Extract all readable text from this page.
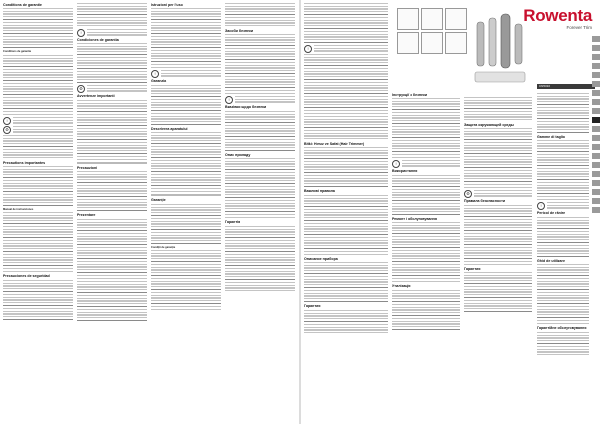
Conditions de garantie
Conditions de garantie
!
♻
Precautions importantes
Manual de instrucciones
Precauciones de seguridad
!
Condiciones de garantía
♻
Avvertenze importanti
Precauzioni
Prezentare
Istruzioni per l'uso
!
Garanzia
Descrierea aparatului
Garanție
Condiții de garanție
Засоби безпеки
!
Вказівки щодо безпеки
Опис приладу
Гарантія
Rowenta
Forever Trim
CN5310
!
Bitki: Hırsız ve Safat (Hair Trimmer)
Важливі правила
Описание прибора
Гарантия
Інструкції з безпеки
!
Використання
Ремонт і обслуговування
Утилізація
Защита окружающей среды
♻
Правила безопасности
Гарантия
Gamme di taglio
!
Pericol de rănire
Ghid de utilizare
Гарантійне обслуговування
